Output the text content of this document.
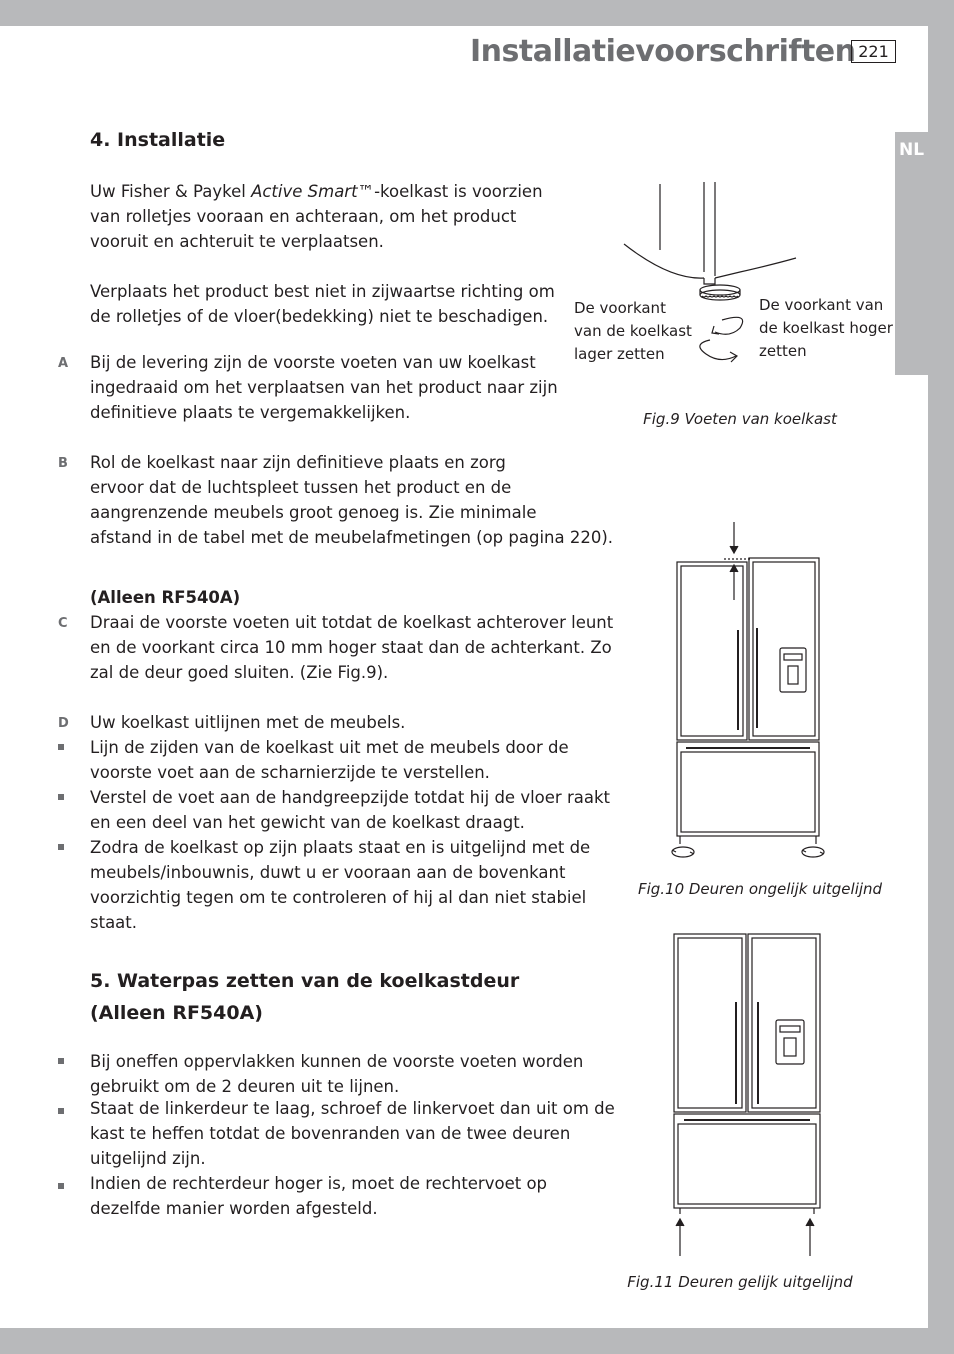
Installatievoorschriften 221
NL
4. Installatie
Uw Fisher & Paykel Active Smart™-koelkast is voorzien
van rolletjes vooraan en achteraan, om het product
vooruit en achteruit te verplaatsen.
Verplaats het product best niet in zijwaartse richting om
de rolletjes of de vloer(bedekking) niet te beschadigen.
A Bij de levering zijn de voorste voeten van uw koelkast
ingedraaid om het verplaatsen van het product naar zijn
definitieve plaats te vergemakkelijken.
B Rol de koelkast naar zijn definitieve plaats en zorg
ervoor dat de luchtspleet tussen het product en de
aangrenzende meubels groot genoeg is. Zie minimale
afstand in de tabel met de meubelafmetingen (op pagina 220).
(Alleen RF540A)
C Draai de voorste voeten uit totdat de koelkast achterover leunt
en de voorkant circa 10 mm hoger staat dan de achterkant. Zo
zal de deur goed sluiten. (Zie Fig.9).
D Uw koelkast uitlijnen met de meubels.
Lijn de zijden van de koelkast uit met de meubels door de
voorste voet aan de scharnierzijde te verstellen.
Verstel de voet aan de handgreepzijde totdat hij de vloer raakt
en een deel van het gewicht van de koelkast draagt.
Zodra de koelkast op zijn plaats staat en is uitgelijnd met de
meubels/inbouwnis, duwt u er vooraan aan de bovenkant
voorzichtig tegen om te controleren of hij al dan niet stabiel
staat.
5. Waterpas zetten van de koelkastdeur
(Alleen RF540A)
Bij oneffen oppervlakken kunnen de voorste voeten worden
gebruikt om de 2 deuren uit te lijnen.
Staat de linkerdeur te laag, schroef de linkervoet dan uit om de
kast te heffen totdat de bovenranden van de twee deuren
uitgelijnd zijn.
Indien de rechterdeur hoger is, moet de rechtervoet op
dezelfde manier worden afgesteld.
De voorkant
van de koelkast
lager zetten
De voorkant van
de koelkast hoger
zetten
Fig.9 Voeten van koelkast
Fig.10 Deuren ongelijk uitgelijnd
Fig.11 Deuren gelijk uitgelijnd
